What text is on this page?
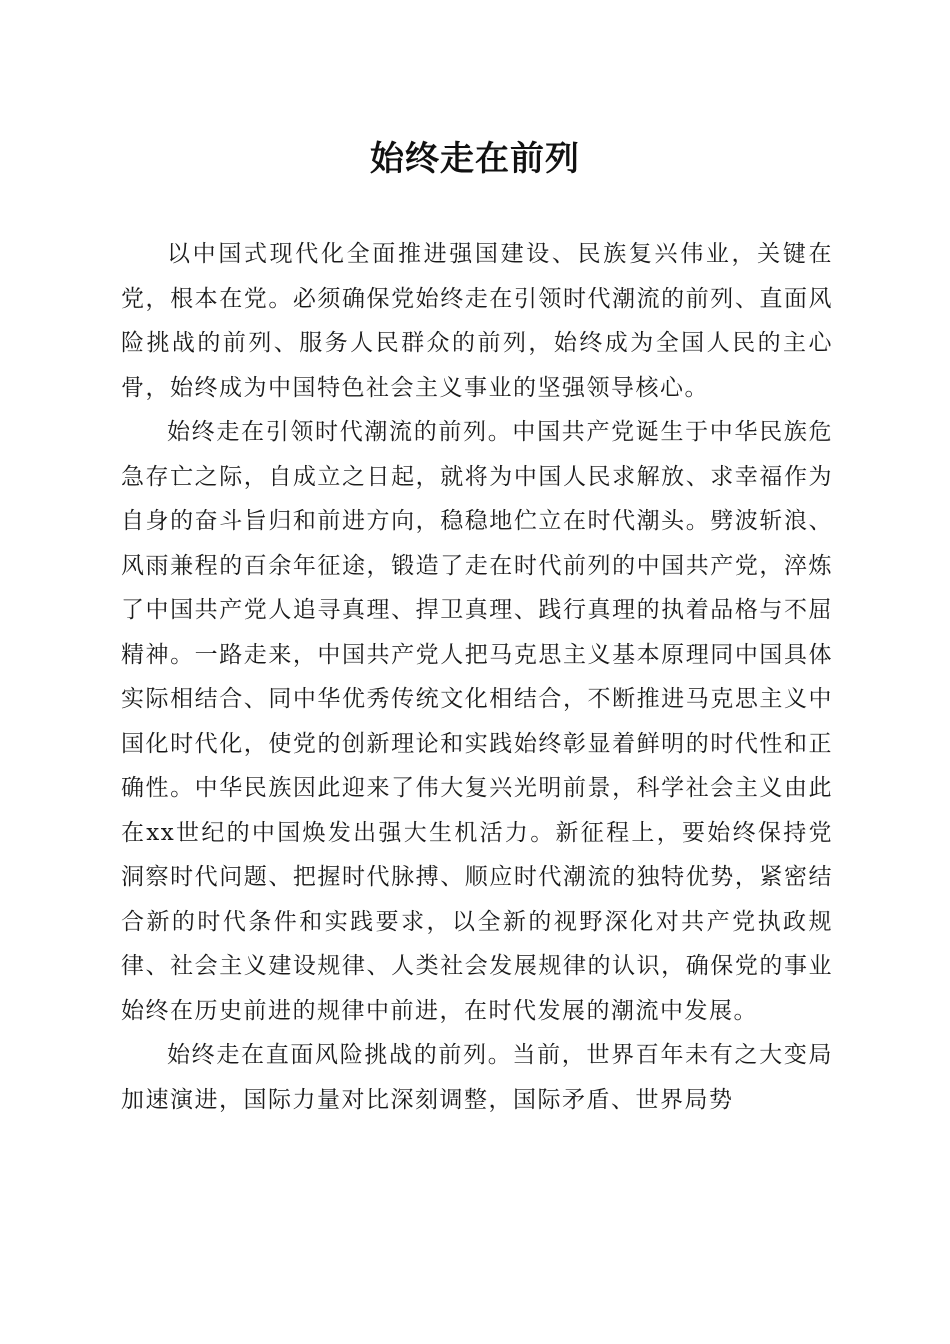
始终走在前列

以中国式现代化全面推进强国建设、民族复兴伟业，关键在党，根本在党。必须确保党始终走在引领时代潮流的前列、直面风险挑战的前列、服务人民群众的前列，始终成为全国人民的主心骨，始终成为中国特色社会主义事业的坚强领导核心。

始终走在引领时代潮流的前列。中国共产党诞生于中华民族危急存亡之际，自成立之日起，就将为中国人民求解放、求幸福作为自身的奋斗旨归和前进方向，稳稳地伫立在时代潮头。劈波斩浪、风雨兼程的百余年征途，锻造了走在时代前列的中国共产党，淬炼了中国共产党人追寻真理、捍卫真理、践行真理的执着品格与不屈精神。一路走来，中国共产党人把马克思主义基本原理同中国具体实际相结合、同中华优秀传统文化相结合，不断推进马克思主义中国化时代化，使党的创新理论和实践始终彰显着鲜明的时代性和正确性。中华民族因此迎来了伟大复兴光明前景，科学社会主义由此在xx世纪的中国焕发出强大生机活力。新征程上，要始终保持党洞察时代问题、把握时代脉搏、顺应时代潮流的独特优势，紧密结合新的时代条件和实践要求，以全新的视野深化对共产党执政规律、社会主义建设规律、人类社会发展规律的认识，确保党的事业始终在历史前进的规律中前进，在时代发展的潮流中发展。

始终走在直面风险挑战的前列。当前，世界百年未有之大变局加速演进，国际力量对比深刻调整，国际矛盾、世界局势
